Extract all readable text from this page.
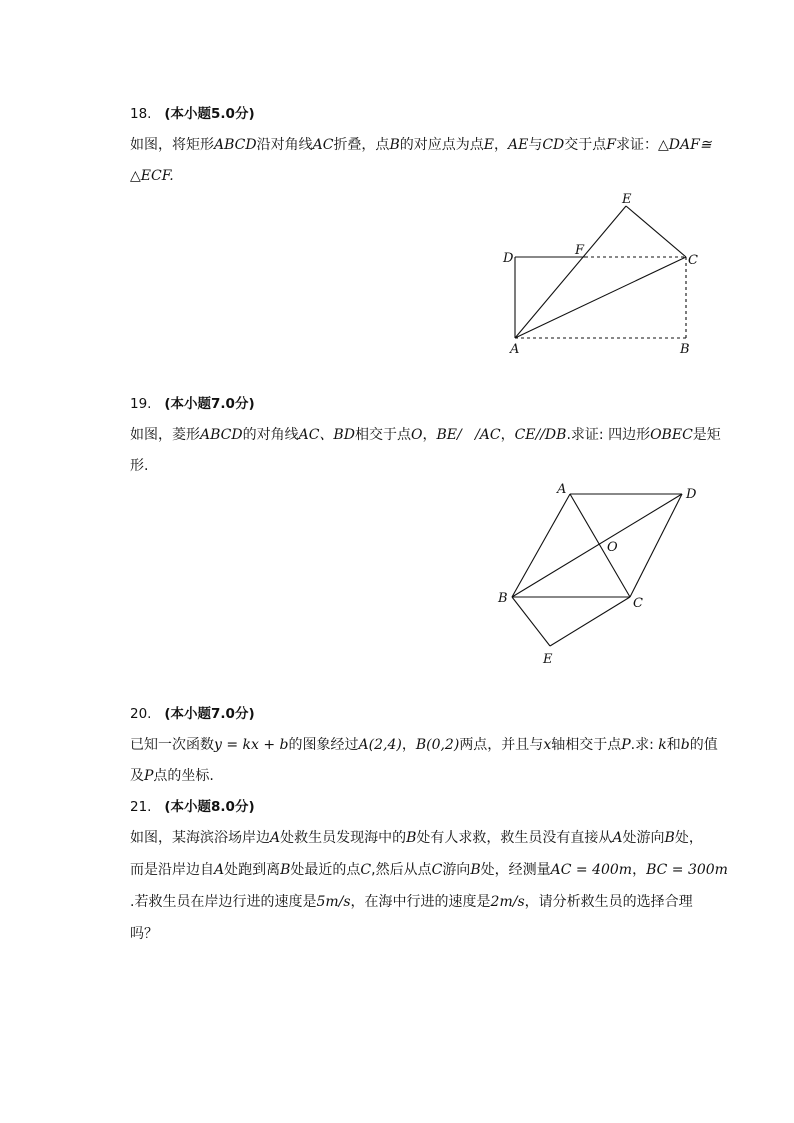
18. (本小题5.0分)
如图，将矩形ABCD沿对角线AC折叠，点B的对应点为点E，AE与CD交于点F求证：△DAF≅
△ECF.
E
F
D	C
A	B
19. (本小题7.0分)
如图，菱形ABCD的对角线AC、BD相交于点O，BE/   /AC，CE//DB.求证: 四边形OBEC是矩
形.
A	D
O
B	C
E
20. (本小题7.0分)
已知一次函数y = kx + b的图象经过A(2,4)，B(0,2)两点，并且与x轴相交于点P.求: k和b的值
及P点的坐标.
21. (本小题8.0分)
如图，某海滨浴场岸边A处救生员发现海中的B处有人求救，救生员没有直接从A处游向B处，
而是沿岸边自A处跑到离B处最近的点C,然后从点C游向B处，经测量AC = 400m，BC = 300m
.若救生员在岸边行进的速度是5m/s，在海中行进的速度是2m/s，请分析救生员的选择合理
吗？
